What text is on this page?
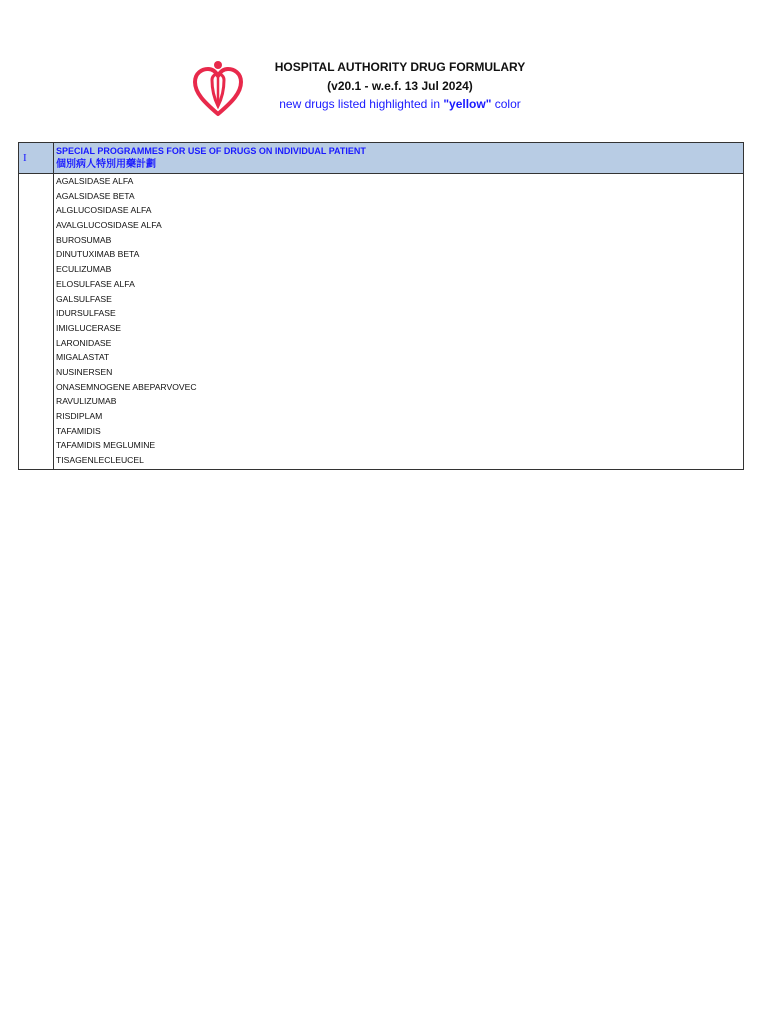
HOSPITAL AUTHORITY DRUG FORMULARY
(v20.1 - w.e.f. 13 Jul 2024)
new drugs listed highlighted in "yellow" color
I
SPECIAL PROGRAMMES FOR USE OF DRUGS ON INDIVIDUAL PATIENT
個別病人特別用藥計劃
AGALSIDASE ALFA
AGALSIDASE BETA
ALGLUCOSIDASE ALFA
AVALGLUCOSIDASE ALFA
BUROSUMAB
DINUTUXIMAB BETA
ECULIZUMAB
ELOSULFASE ALFA
GALSULFASE
IDURSULFASE
IMIGLUCERASE
LARONIDASE
MIGALASTAT
NUSINERSEN
ONASEMNOGENE ABEPARVOVEC
RAVULIZUMAB
RISDIPLAM
TAFAMIDIS
TAFAMIDIS MEGLUMINE
TISAGENLECLEUCEL
